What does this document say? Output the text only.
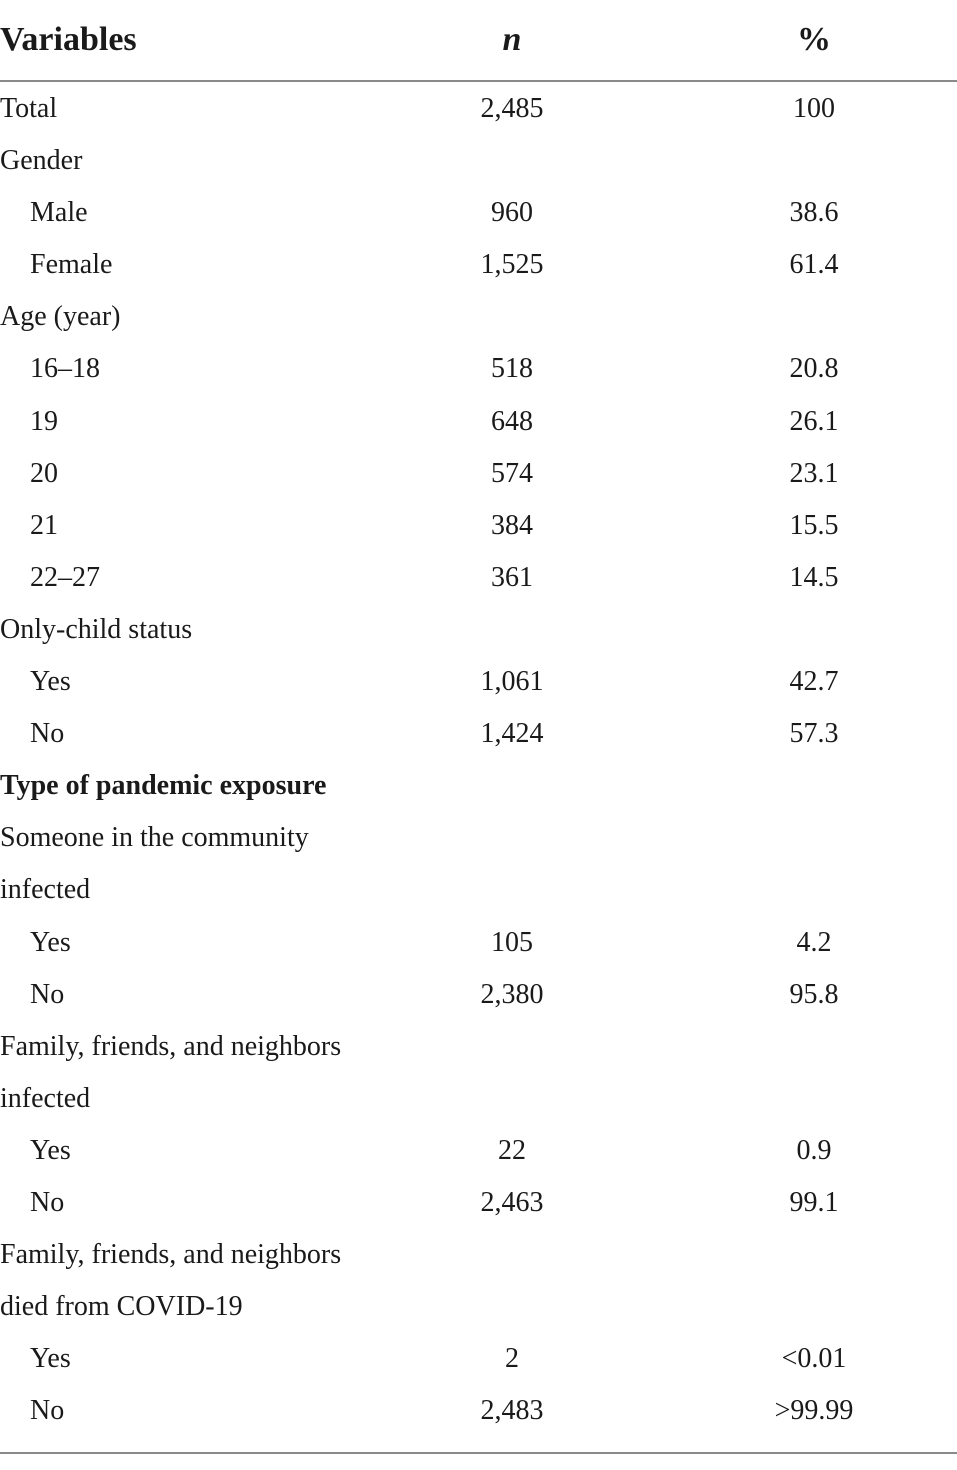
Variables	n	%
Total	2,485	100
Gender
Male	960	38.6
Female	1,525	61.4
Age (year)
16–18	518	20.8
19	648	26.1
20	574	23.1
21	384	15.5
22–27	361	14.5
Only-child status
Yes	1,061	42.7
No	1,424	57.3
Type of pandemic exposure
Someone in the community
infected
Yes	105	4.2
No	2,380	95.8
Family, friends, and neighbors
infected
Yes	22	0.9
No	2,463	99.1
Family, friends, and neighbors
died from COVID-19
Yes	2	<0.01
No	2,483	>99.99
